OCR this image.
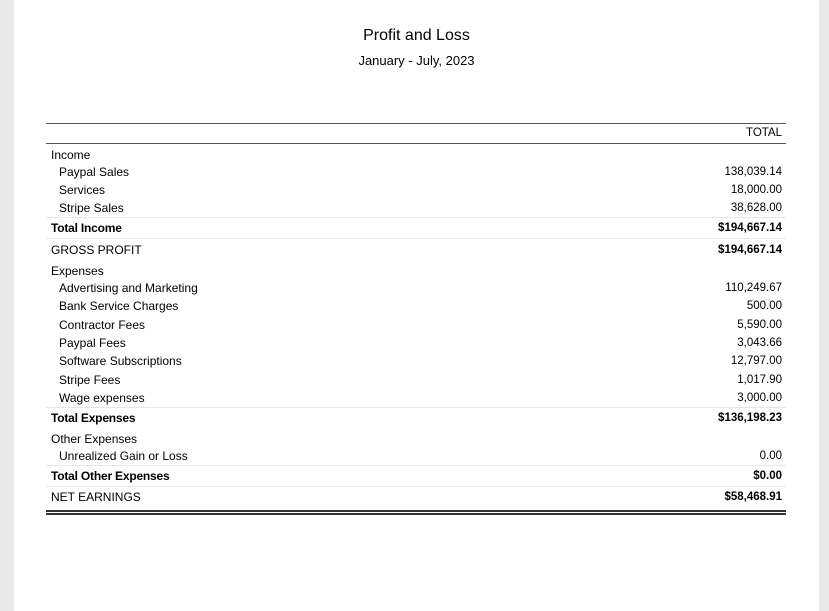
Profit and Loss
January - July, 2023
TOTAL
Income
Paypal Sales	138,039.14
Services	18,000.00
Stripe Sales	38,628.00
Total Income	$194,667.14
GROSS PROFIT	$194,667.14
Expenses
Advertising and Marketing	110,249.67
Bank Service Charges	500.00
Contractor Fees	5,590.00
Paypal Fees	3,043.66
Software Subscriptions	12,797.00
Stripe Fees	1,017.90
Wage expenses	3,000.00
Total Expenses	$136,198.23
Other Expenses
Unrealized Gain or Loss	0.00
Total Other Expenses	$0.00
NET EARNINGS	$58,468.91
